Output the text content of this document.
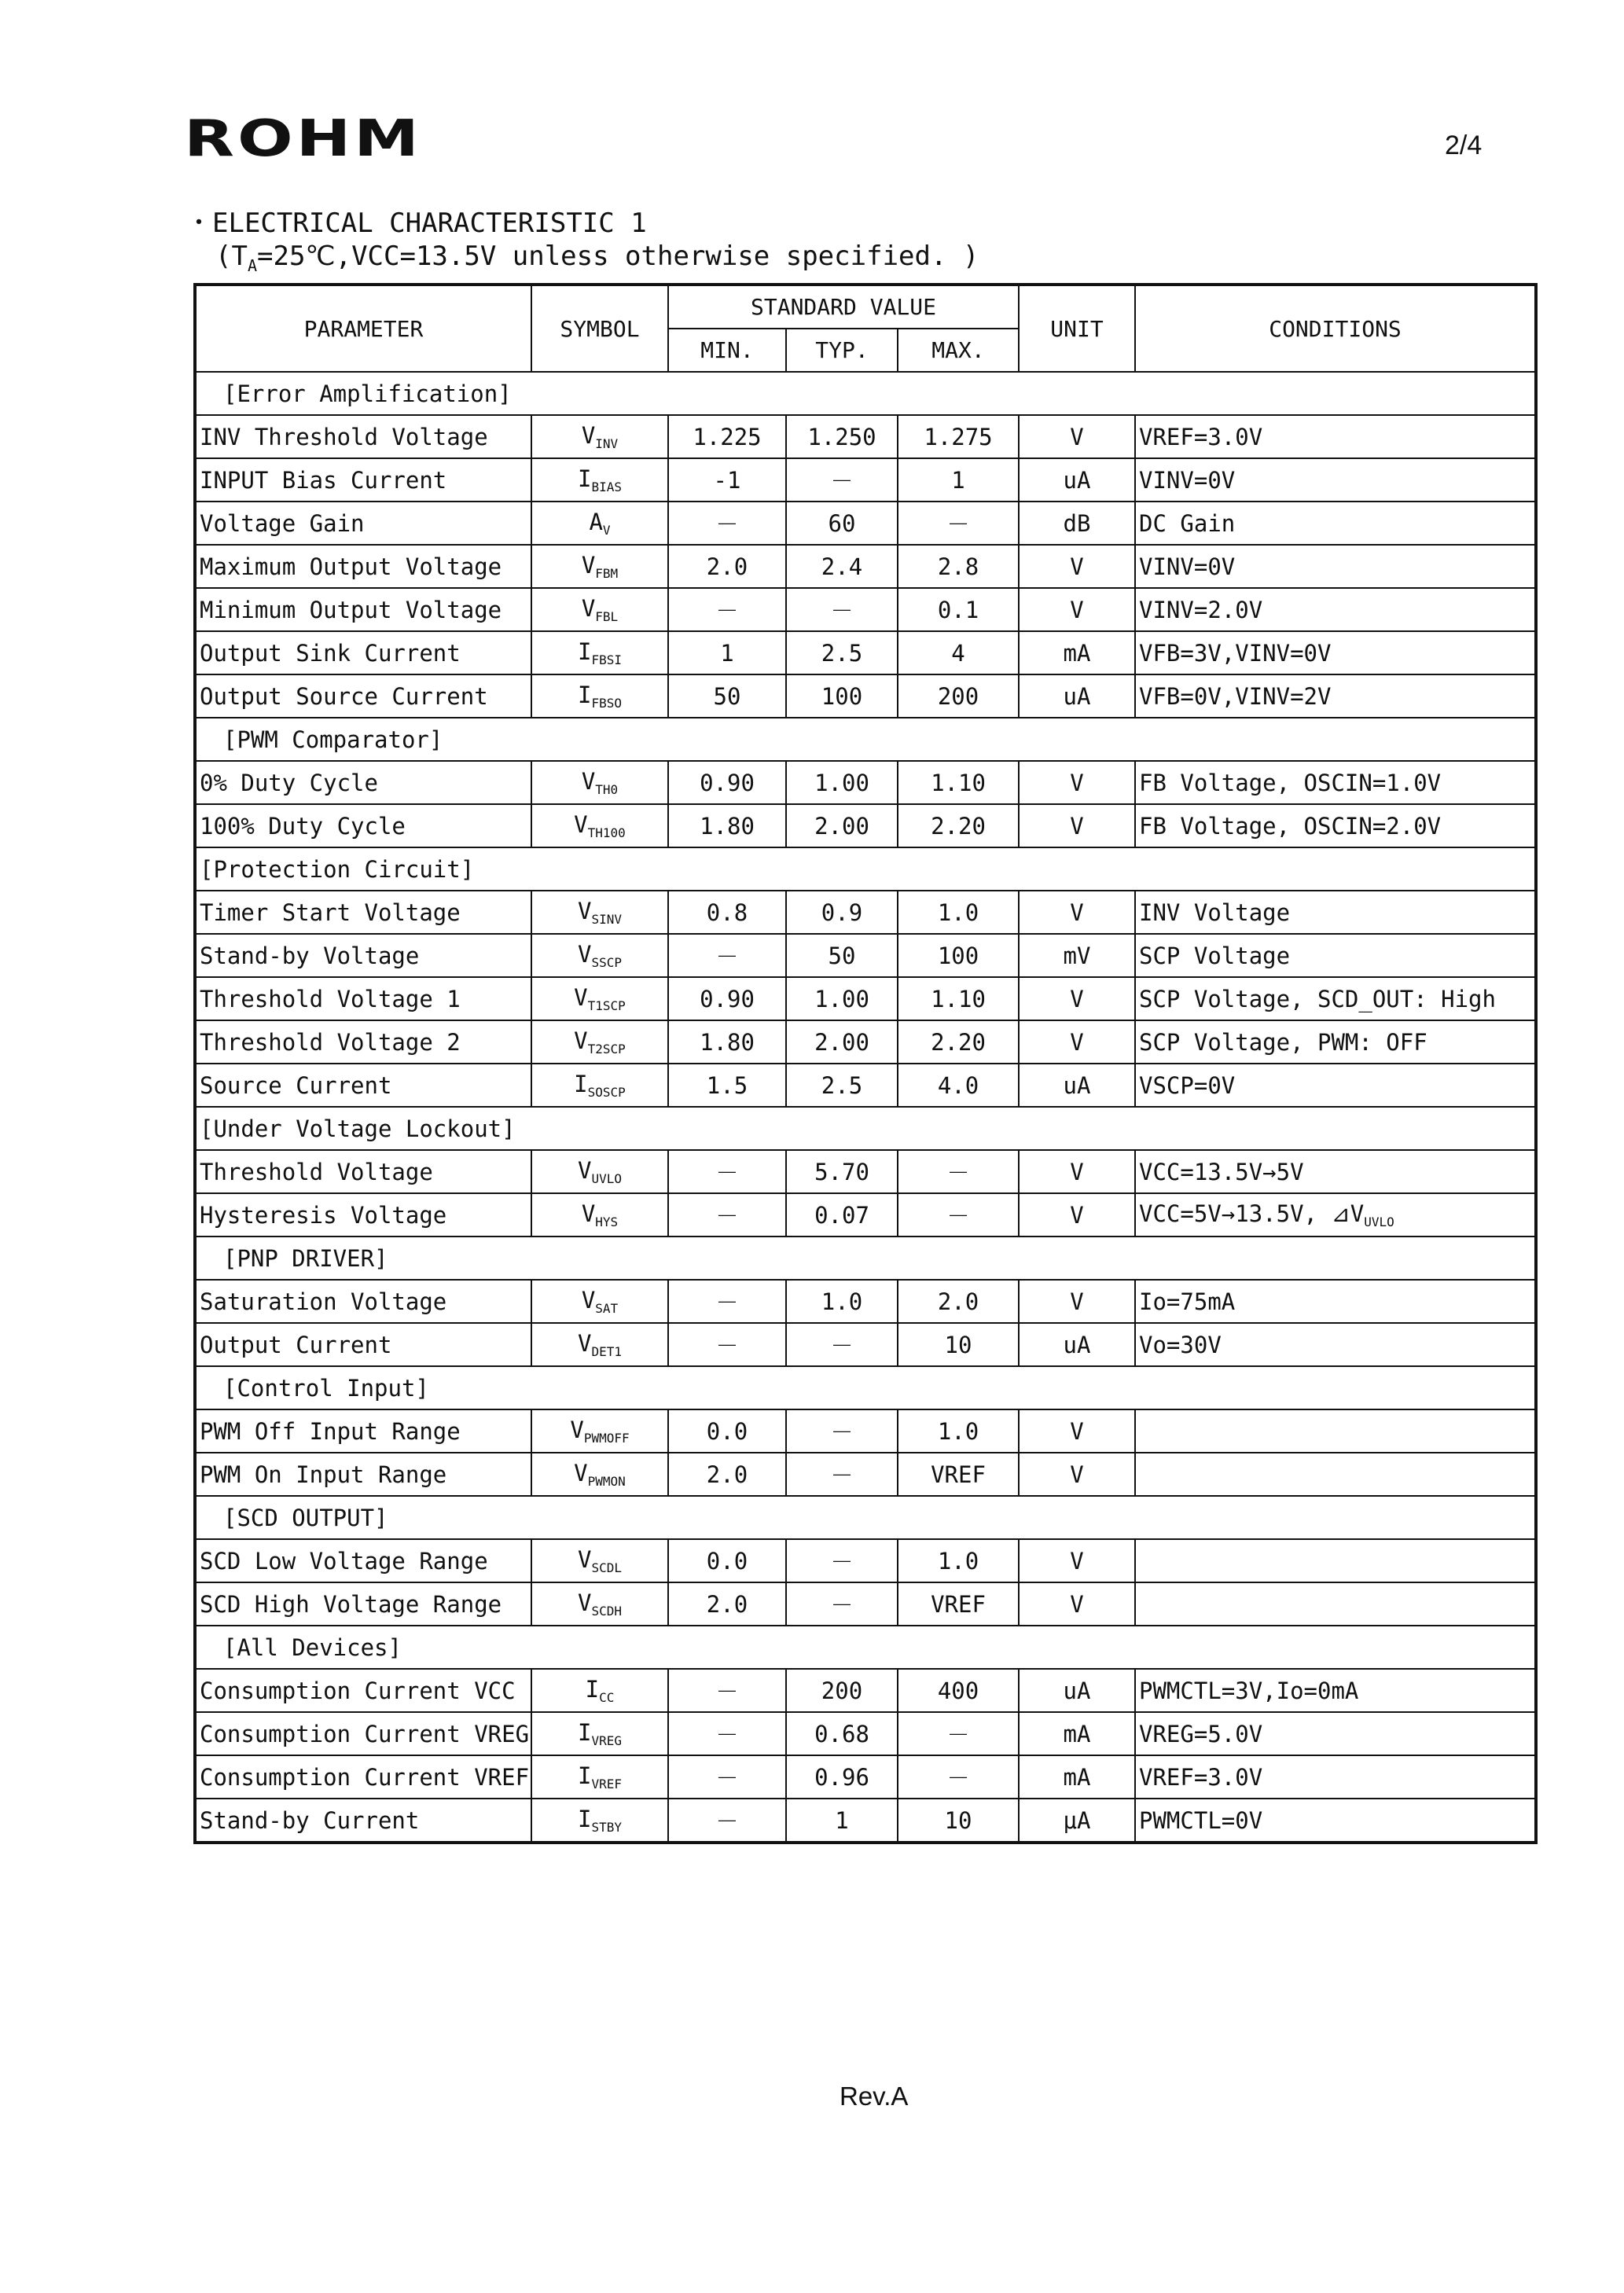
ROHM	2/4
・ELECTRICAL CHARACTERISTIC 1
($T_A=25℃,VCC=13.5V$ unless otherwise specified. )
PARAMETER	SYMBOL	STANDARD VALUE			UNIT	CONDITIONS
		MIN.	TYP.	MAX.		
[Error Amplification]						
INV Threshold Voltage	$V_{INV}$	1.225	1.250	1.275	V	VREF=3.0V
INPUT Bias Current	$I_{BIAS}$	-1	－	1	uA	VINV=0V
Voltage Gain	$A_V$	－	60	－	dB	DC Gain
Maximum Output Voltage	$V_{FBM}$	2.0	2.4	2.8	V	VINV=0V
Minimum Output Voltage	$V_{FBL}$	－	－	0.1	V	VINV=2.0V
Output Sink Current	$I_{FBSI}$	1	2.5	4	mA	VFB=3V,VINV=0V
Output Source Current	$I_{FBSO}$	50	100	200	uA	VFB=0V,VINV=2V
[PWM Comparator]						
0% Duty Cycle	$V_{TH0}$	0.90	1.00	1.10	V	FB Voltage, OSCIN=1.0V
100% Duty Cycle	$V_{TH100}$	1.80	2.00	2.20	V	FB Voltage, OSCIN=2.0V
[Protection Circuit]						
Timer Start Voltage	$V_{SINV}$	0.8	0.9	1.0	V	INV Voltage
Stand-by Voltage	$V_{SSCP}$	－	50	100	mV	SCP Voltage
Threshold Voltage 1	$V_{T1SCP}$	0.90	1.00	1.10	V	SCP Voltage, SCD_OUT: High
Threshold Voltage 2	$V_{T2SCP}$	1.80	2.00	2.20	V	SCP Voltage, PWM: OFF
Source Current	$I_{SOSCP}$	1.5	2.5	4.0	uA	VSCP=0V
[Under Voltage Lockout]						
Threshold Voltage	$V_{UVLO}$	－	5.70	－	V	VCC=13.5V→5V
Hysteresis Voltage	$V_{HYS}$	－	0.07	－	V	VCC=5V→13.5V, $⊿V_{UVLO}$
[PNP DRIVER]						
Saturation Voltage	$V_{SAT}$	－	1.0	2.0	V	Io=75mA
Output Current	$V_{DET1}$	－	－	10	uA	Vo=30V
[Control Input]						
PWM Off Input Range	$V_{PWMOFF}$	0.0	－	1.0	V	
PWM On Input Range	$V_{PWMON}$	2.0	－	VREF	V	
[SCD OUTPUT]						
SCD Low Voltage Range	$V_{SCDL}$	0.0	－	1.0	V	
SCD High Voltage Range	$V_{SCDH}$	2.0	－	VREF	V	
[All Devices]						
Consumption Current VCC	$I_{CC}$	－	200	400	uA	PWMCTL=3V,Io=0mA
Consumption Current VREG	$I_{VREG}$	－	0.68	－	mA	VREG=5.0V
Consumption Current VREF	$I_{VREF}$	－	0.96	－	mA	VREF=3.0V
Stand-by Current	$I_{STBY}$	－	1	10	μA	PWMCTL=0V
Rev.A
